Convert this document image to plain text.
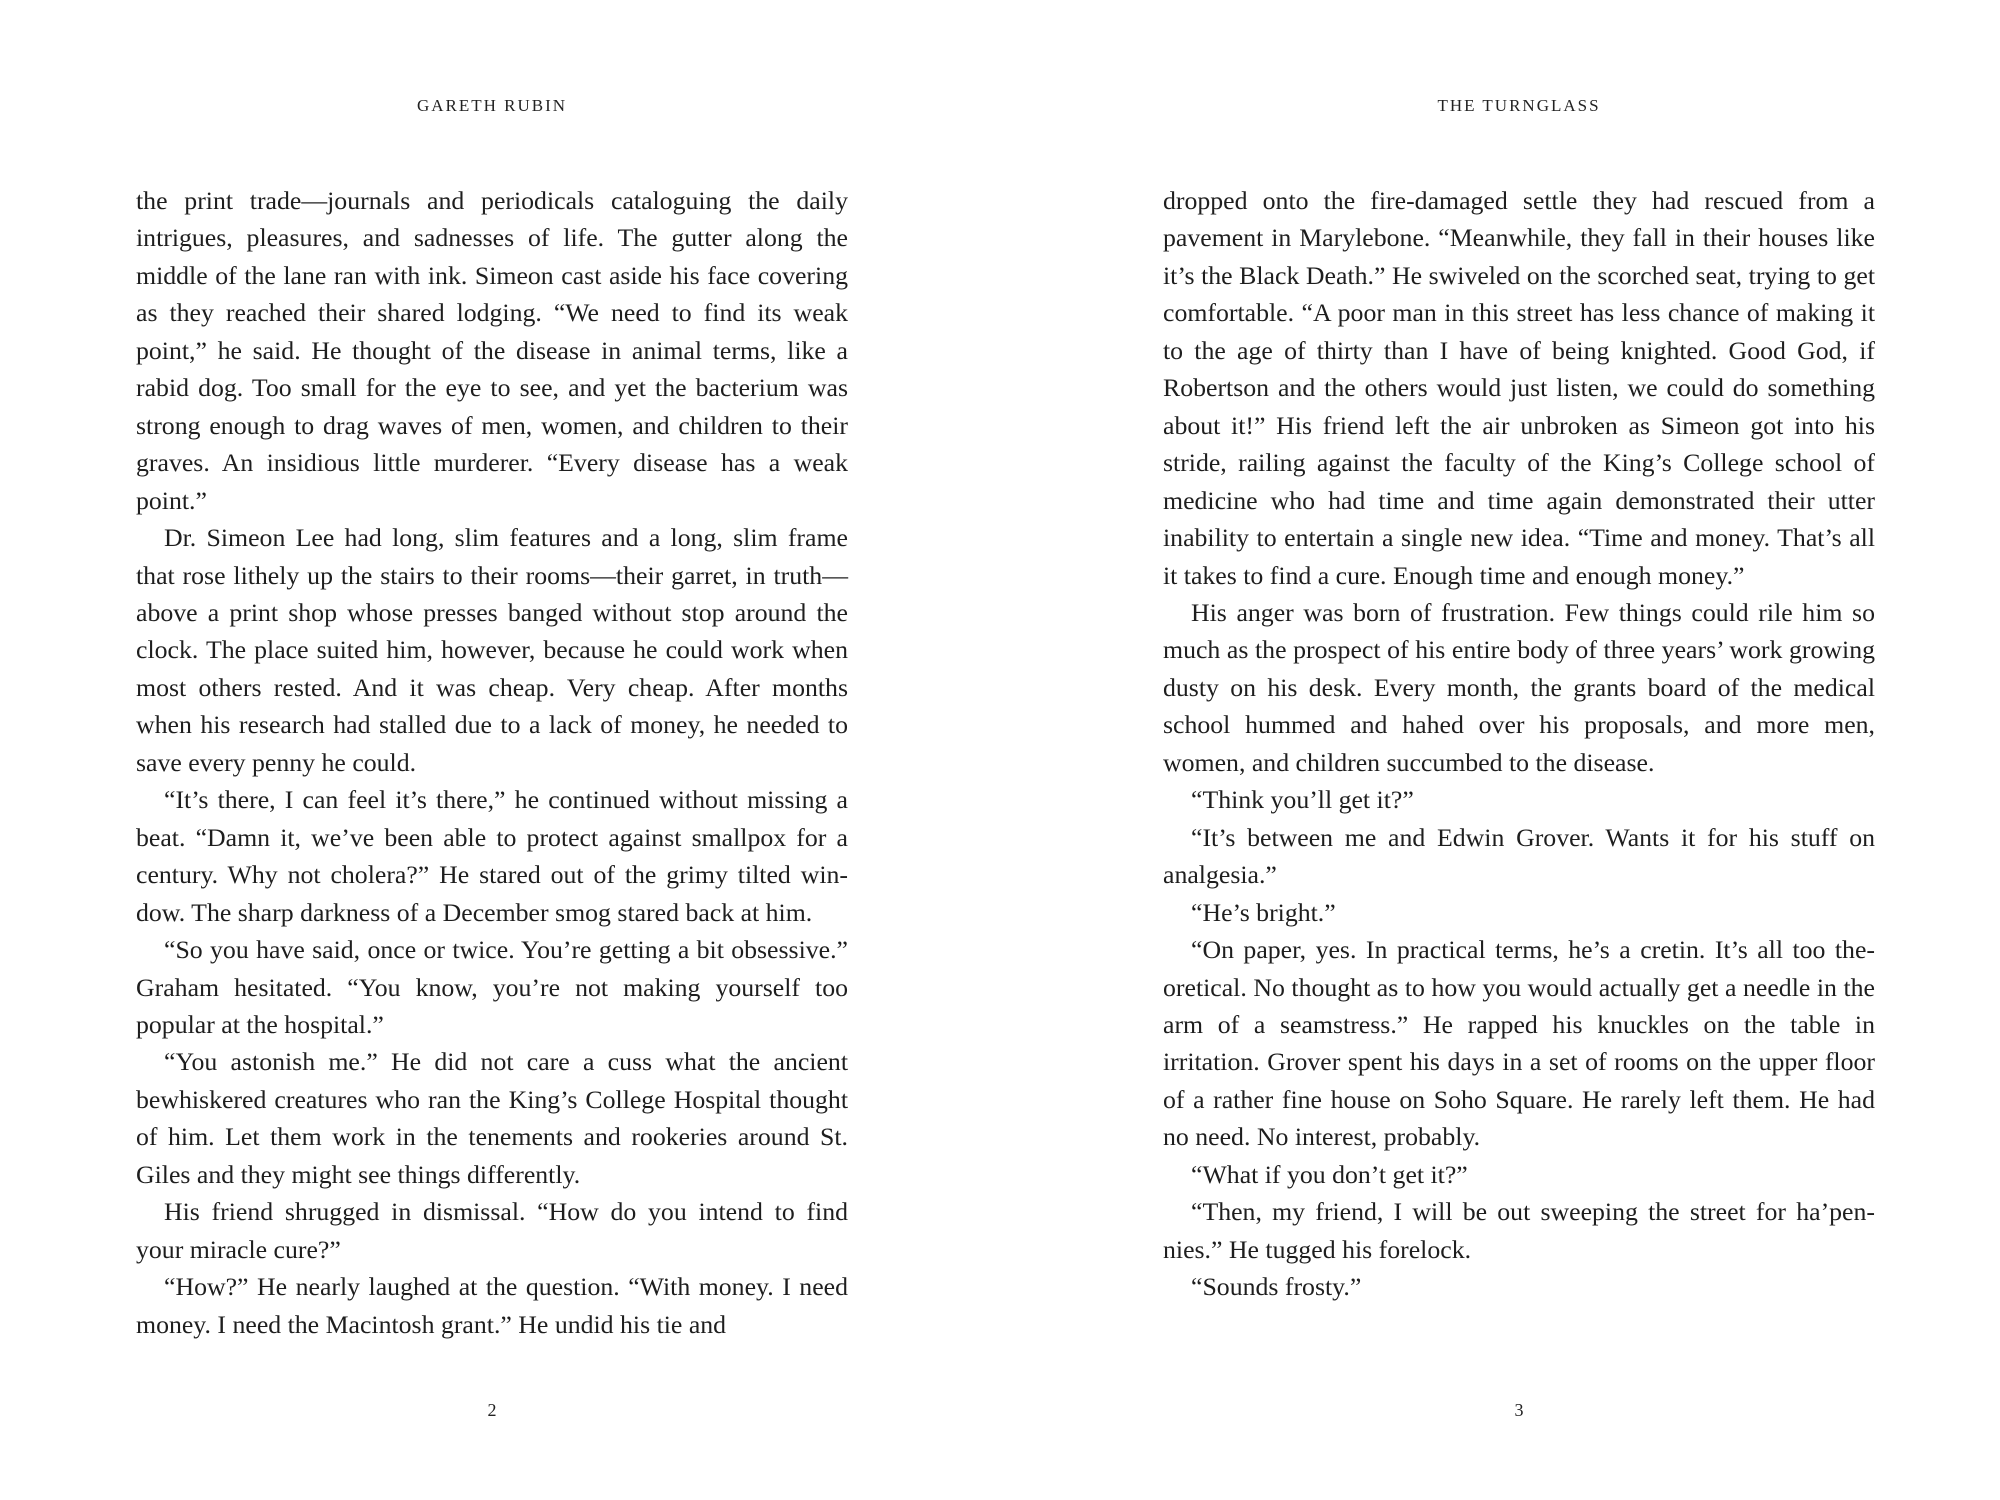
GARETH RUBIN

the print trade—journals and periodicals cataloguing the daily intrigues, pleasures, and sadnesses of life. The gutter along the middle of the lane ran with ink. Simeon cast aside his face covering as they reached their shared lodging. “We need to find its weak point,” he said. He thought of the disease in animal terms, like a rabid dog. Too small for the eye to see, and yet the bacterium was strong enough to drag waves of men, women, and children to their graves. An insidious little murderer. “Every disease has a weak point.”

Dr. Simeon Lee had long, slim features and a long, slim frame that rose lithely up the stairs to their rooms—their garret, in truth—above a print shop whose presses banged without stop around the clock. The place suited him, however, because he could work when most others rested. And it was cheap. Very cheap. After months when his research had stalled due to a lack of money, he needed to save every penny he could.

“It’s there, I can feel it’s there,” he continued without missing a beat. “Damn it, we’ve been able to protect against smallpox for a century. Why not cholera?” He stared out of the grimy tilted window. The sharp darkness of a December smog stared back at him.

“So you have said, once or twice. You’re getting a bit obsessive.” Graham hesitated. “You know, you’re not making yourself too popular at the hospital.”

“You astonish me.” He did not care a cuss what the ancient bewhiskered creatures who ran the King’s College Hospital thought of him. Let them work in the tenements and rookeries around St. Giles and they might see things differently.

His friend shrugged in dismissal. “How do you intend to find your miracle cure?”

“How?” He nearly laughed at the question. “With money. I need money. I need the Macintosh grant.” He undid his tie and

2
THE TURNGLASS

dropped onto the fire-damaged settle they had rescued from a pavement in Marylebone. “Meanwhile, they fall in their houses like it’s the Black Death.” He swiveled on the scorched seat, trying to get comfortable. “A poor man in this street has less chance of making it to the age of thirty than I have of being knighted. Good God, if Robertson and the others would just listen, we could do something about it!” His friend left the air unbroken as Simeon got into his stride, railing against the faculty of the King’s College school of medicine who had time and time again demonstrated their utter inability to entertain a single new idea. “Time and money. That’s all it takes to find a cure. Enough time and enough money.”

His anger was born of frustration. Few things could rile him so much as the prospect of his entire body of three years’ work growing dusty on his desk. Every month, the grants board of the medical school hummed and hahed over his proposals, and more men, women, and children succumbed to the disease.

“Think you’ll get it?”

“It’s between me and Edwin Grover. Wants it for his stuff on analgesia.”

“He’s bright.”

“On paper, yes. In practical terms, he’s a cretin. It’s all too theoretical. No thought as to how you would actually get a needle in the arm of a seamstress.” He rapped his knuckles on the table in irritation. Grover spent his days in a set of rooms on the upper floor of a rather fine house on Soho Square. He rarely left them. He had no need. No interest, probably.

“What if you don’t get it?”

“Then, my friend, I will be out sweeping the street for ha’pennies.” He tugged his forelock.

“Sounds frosty.”

3
